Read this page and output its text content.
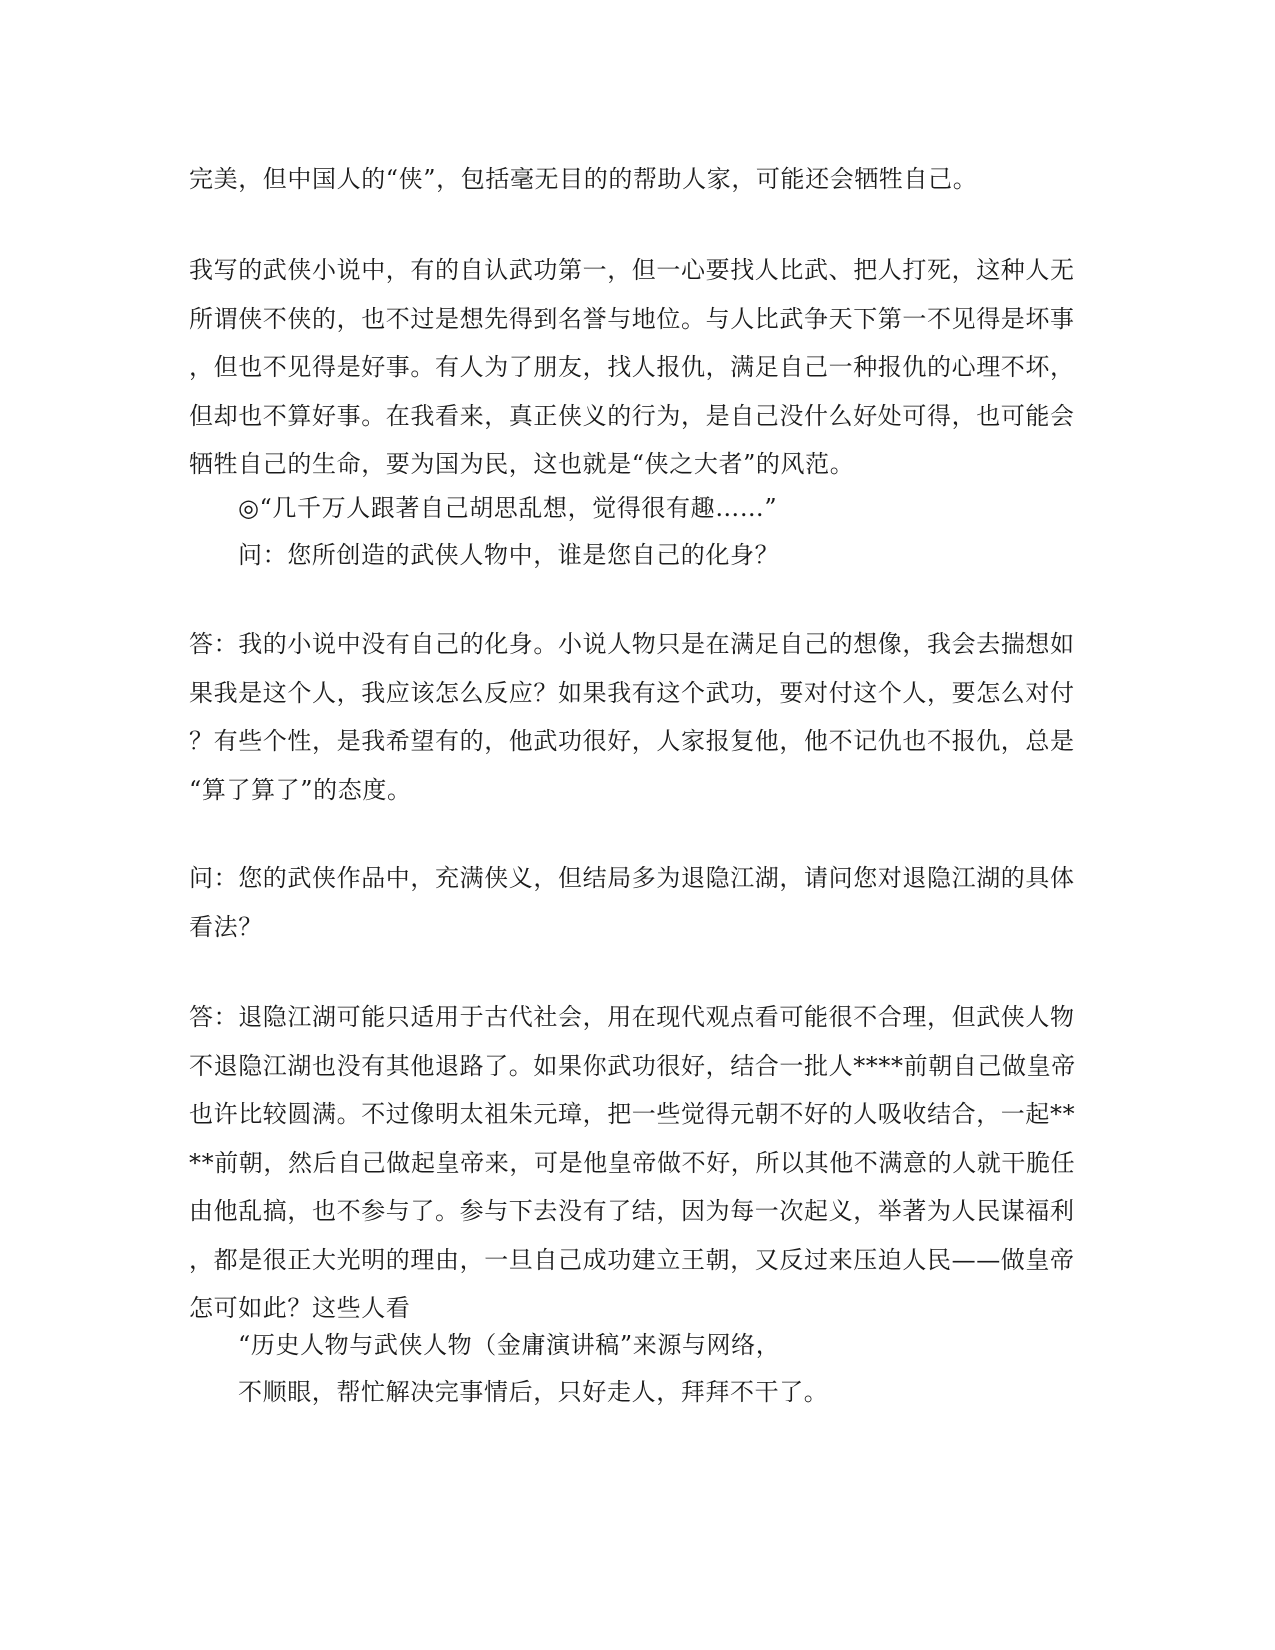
完美，但中国人的“侠”，包括毫无目的的帮助人家，可能还会牺牲自己。

我写的武侠小说中，有的自认武功第一，但一心要找人比武、把人打死，这种人无
所谓侠不侠的，也不过是想先得到名誉与地位。与人比武争天下第一不见得是坏事
，但也不见得是好事。有人为了朋友，找人报仇，满足自己一种报仇的心理不坏，
但却也不算好事。在我看来，真正侠义的行为，是自己没什么好处可得，也可能会
牺牲自己的生命，要为国为民，这也就是“侠之大者”的风范。

◎“几千万人跟著自己胡思乱想，觉得很有趣……”

问：您所创造的武侠人物中，谁是您自己的化身？

答：我的小说中没有自己的化身。小说人物只是在满足自己的想像，我会去揣想如
果我是这个人，我应该怎么反应？如果我有这个武功，要对付这个人，要怎么对付
？有些个性，是我希望有的，他武功很好，人家报复他，他不记仇也不报仇，总是
“算了算了”的态度。

问：您的武侠作品中，充满侠义，但结局多为退隐江湖，请问您对退隐江湖的具体
看法？

答：退隐江湖可能只适用于古代社会，用在现代观点看可能很不合理，但武侠人物
不退隐江湖也没有其他退路了。如果你武功很好，结合一批人****前朝自己做皇帝
也许比较圆满。不过像明太祖朱元璋，把一些觉得元朝不好的人吸收结合，一起**
**前朝，然后自己做起皇帝来，可是他皇帝做不好，所以其他不满意的人就干脆任
由他乱搞，也不参与了。参与下去没有了结，因为每一次起义，举著为人民谋福利
，都是很正大光明的理由，一旦自己成功建立王朝，又反过来压迫人民——做皇帝
怎可如此？这些人看

“历史人物与武侠人物（金庸演讲稿”来源与网络，

不顺眼，帮忙解决完事情后，只好走人，拜拜不干了。
